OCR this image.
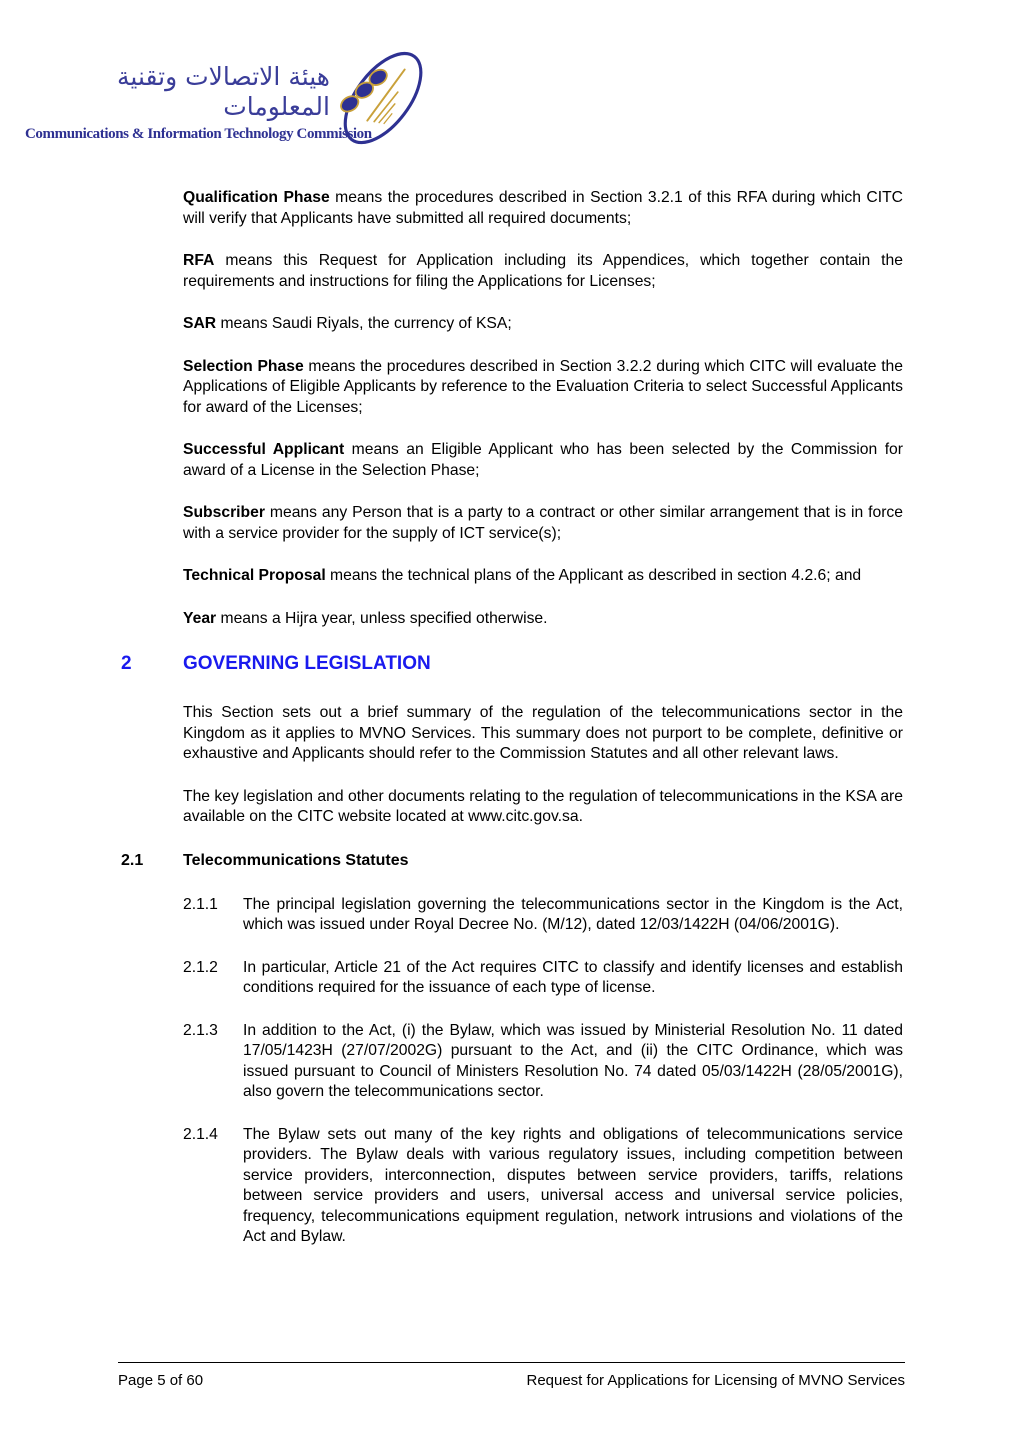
هيئة الاتصالات وتقنية المعلومات
Communications & Information Technology Commission

Qualification Phase means the procedures described in Section 3.2.1 of this RFA during which CITC will verify that Applicants have submitted all required documents;

RFA means this Request for Application including its Appendices, which together contain the requirements and instructions for filing the Applications for Licenses;

SAR means Saudi Riyals, the currency of KSA;

Selection Phase means the procedures described in Section 3.2.2 during which CITC will evaluate the Applications of Eligible Applicants by reference to the Evaluation Criteria to select Successful Applicants for award of the Licenses;

Successful Applicant means an Eligible Applicant who has been selected by the Commission for award of a License in the Selection Phase;

Subscriber means any Person that is a party to a contract or other similar arrangement that is in force with a service provider for the supply of ICT service(s);

Technical Proposal means the technical plans of the Applicant as described in section 4.2.6; and

Year means a Hijra year, unless specified otherwise.

2	GOVERNING LEGISLATION

This Section sets out a brief summary of the regulation of the telecommunications sector in the Kingdom as it applies to MVNO Services. This summary does not purport to be complete, definitive or exhaustive and Applicants should refer to the Commission Statutes and all other relevant laws.

The key legislation and other documents relating to the regulation of telecommunications in the KSA are available on the CITC website located at www.citc.gov.sa.

2.1	Telecommunications Statutes
2.1.1	The principal legislation governing the telecommunications sector in the Kingdom is the Act, which was issued under Royal Decree No. (M/12), dated 12/03/1422H (04/06/2001G).
2.1.2	In particular, Article 21 of the Act requires CITC to classify and identify licenses and establish conditions required for the issuance of each type of license.
2.1.3	In addition to the Act, (i) the Bylaw, which was issued by Ministerial Resolution No. 11 dated 17/05/1423H (27/07/2002G) pursuant to the Act, and (ii) the CITC Ordinance, which was issued pursuant to Council of Ministers Resolution No. 74 dated 05/03/1422H (28/05/2001G), also govern the telecommunications sector.
2.1.4	The Bylaw sets out many of the key rights and obligations of telecommunications service providers. The Bylaw deals with various regulatory issues, including competition between service providers, interconnection, disputes between service providers, tariffs, relations between service providers and users, universal access and universal service policies, frequency, telecommunications equipment regulation, network intrusions and violations of the Act and Bylaw.
Page 5 of 60	Request for Applications for Licensing of MVNO Services
